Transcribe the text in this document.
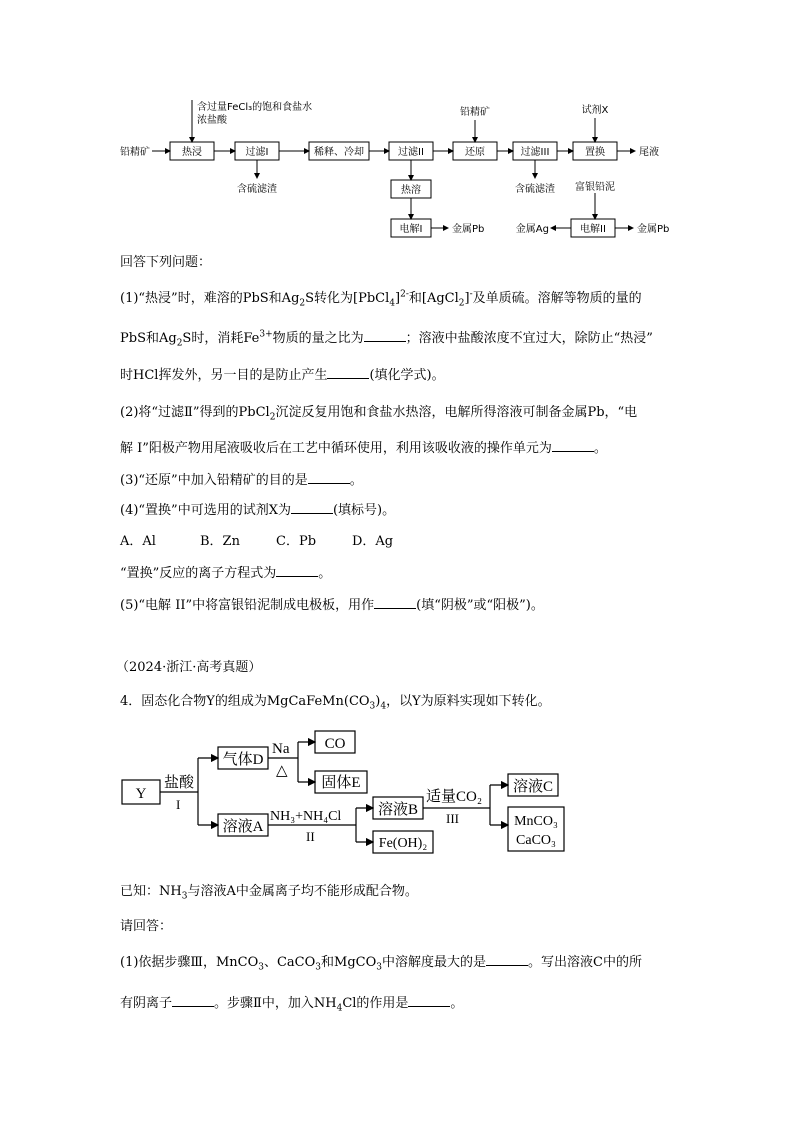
含过量FeCl₃的饱和食盐水
浓盐酸
铅精矿	热浸	过滤I	稀释、冷却	过滤II	还原	过滤III	置换
热溶
电解I	电解II
含硫滤渣	含硫滤渣 富银铅泥
铅精矿	试剂X
尾液
金属Pb	金属Pb
金属Ag
回答下列问题：
(1)“热浸”时，难溶的PbS和$Ag_2S$转化为[PbCl$_4$]$^{2-}$和[AgCl$_2$]-及单质硫。溶解等物质的量的
PbS和$Ag_2S$时，消耗$Fe^{3+}$物质的量之比为	；溶液中盐酸浓度不宜过大，除防止“热浸”
时HCl挥发外，另一目的是防止产生	(填化学式)。
(2)将“过滤Ⅱ”得到的PbCl$_2$沉淀反复用饱和食盐水热溶，电解所得溶液可制备金属Pb，“电
解 I”阳极产物用尾液吸收后在工艺中循环使用，利用该吸收液的操作单元为	。
(3)“还原”中加入铅精矿的目的是	。
(4)“置换”中可选用的试剂X为	(填标号)。
A．Al	B．Zn	C．Pb	D．Ag
“置换”反应的离子方程式为	。
(5)“电解 II”中将富银铅泥制成电极板，用作	(填“阴极”或“阳极”)。
（2024·浙江·高考真题）
4．固态化合物Y的组成为$MgCaFeMn(CO_3)_4$，以Y为原料实现如下转化。
Y
盐酸
I
气体D
Na
△
CO
固体E
溶液A
NH₃+NH₄Cl
II
溶液B
Fe(OH)₂
适量CO₂
III
溶液C
MnCO₃
CaCO₃
已知：$NH_3$与溶液A中金属离子均不能形成配合物。
请回答：
(1)依据步骤Ⅲ，MnCO$_3$、CaCO$_3$和MgCO$_3$中溶解度最大的是	。写出溶液C中的所
有阴离子	。步骤Ⅱ中，加入$NH_4Cl$的作用是	。
